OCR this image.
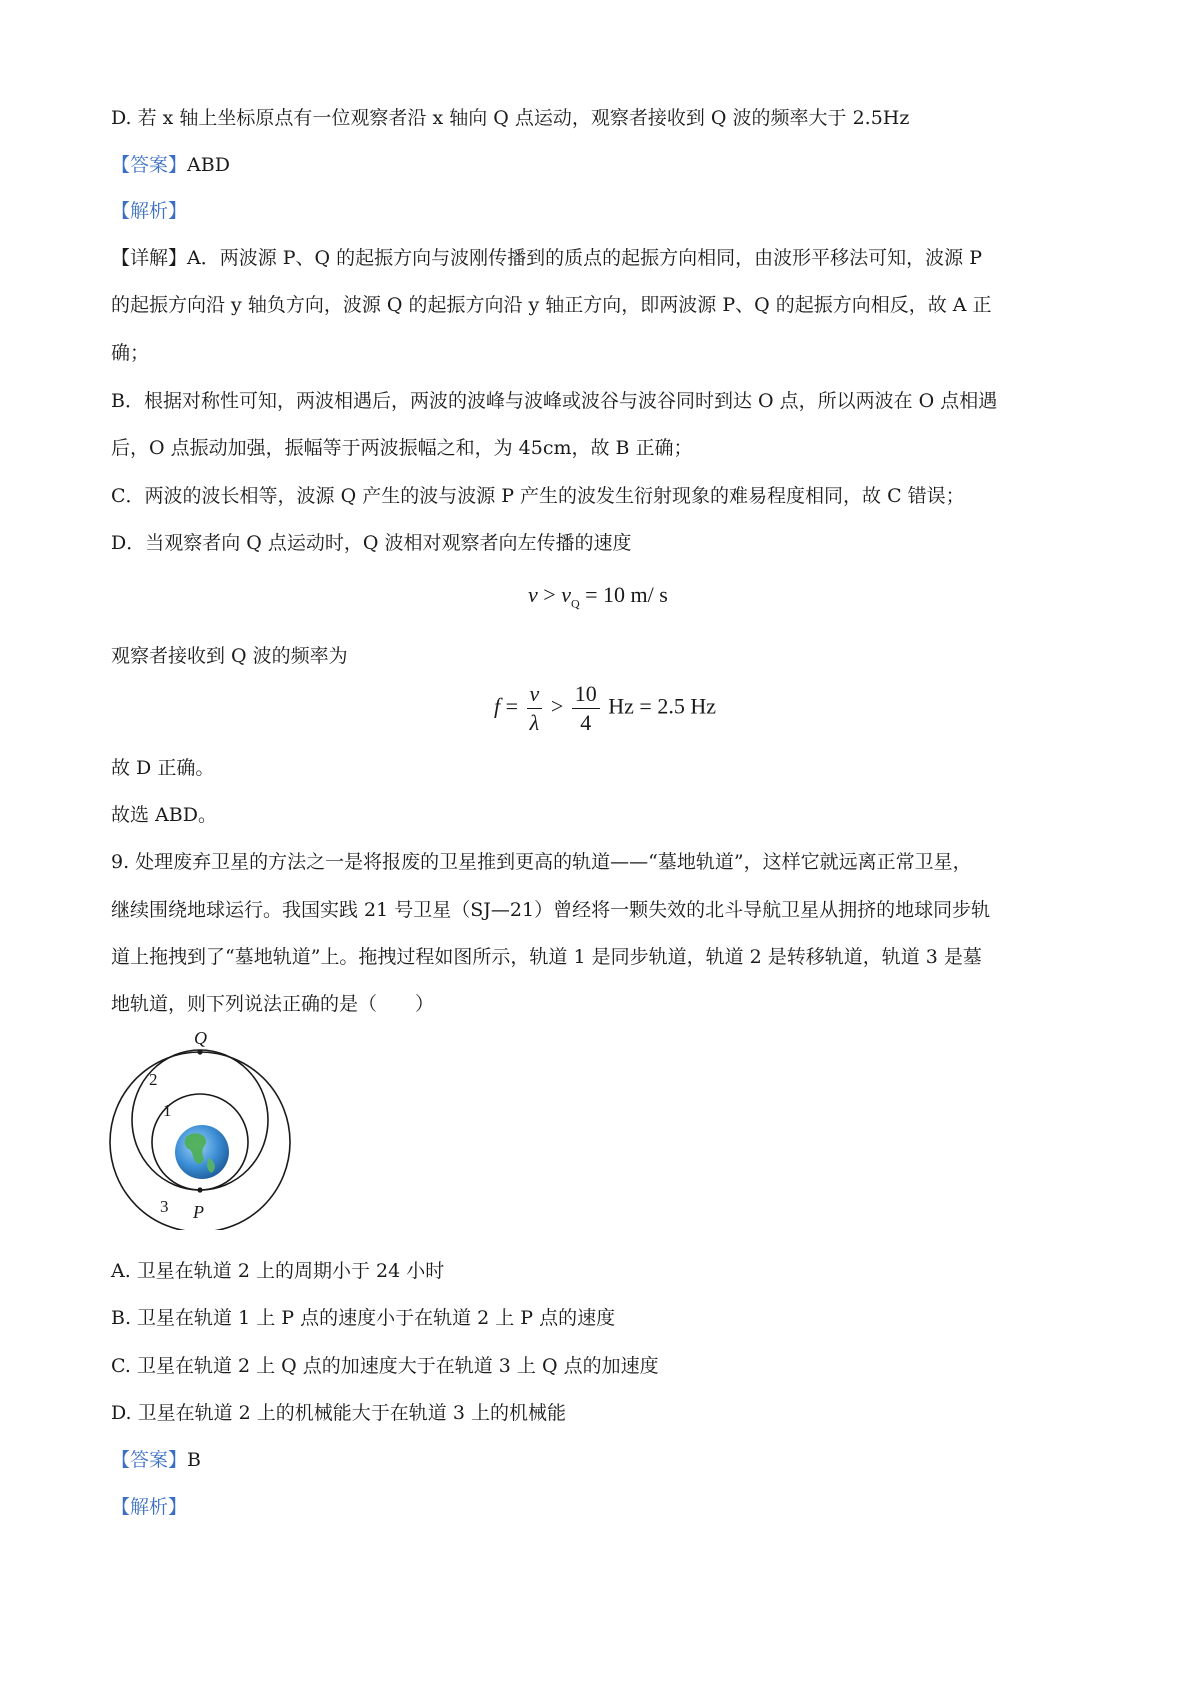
D. 若 x 轴上坐标原点有一位观察者沿 x 轴向 Q 点运动，观察者接收到 Q 波的频率大于 2.5Hz
【答案】ABD
【解析】
【详解】A．两波源 P、Q 的起振方向与波刚传播到的质点的起振方向相同，由波形平移法可知，波源 P
的起振方向沿 y 轴负方向，波源 Q 的起振方向沿 y 轴正方向，即两波源 P、Q 的起振方向相反，故 A 正
确；
B．根据对称性可知，两波相遇后，两波的波峰与波峰或波谷与波谷同时到达 O 点，所以两波在 O 点相遇
后，O 点振动加强，振幅等于两波振幅之和，为 45cm，故 B 正确；
C．两波的波长相等，波源 Q 产生的波与波源 P 产生的波发生衍射现象的难易程度相同，故 C 错误；
D．当观察者向 Q 点运动时，Q 波相对观察者向左传播的速度
$v > v_Q = 10$ m/ s
观察者接收到 Q 波的频率为
$f = \frac{v}{\lambda} > \frac{10}{4}$ Hz = 2.5 Hz
故 D 正确。
故选 ABD。
9. 处理废弃卫星的方法之一是将报废的卫星推到更高的轨道——“墓地轨道”，这样它就远离正常卫星，
继续围绕地球运行。我国实践 21 号卫星（SJ—21）曾经将一颗失效的北斗导航卫星从拥挤的地球同步轨
道上拖拽到了“墓地轨道”上。拖拽过程如图所示，轨道 1 是同步轨道，轨道 2 是转移轨道，轨道 3 是墓
地轨道，则下列说法正确的是（　　）
Q
P
1
2
3
A. 卫星在轨道 2 上的周期小于 24 小时
B. 卫星在轨道 1 上 P 点的速度小于在轨道 2 上 P 点的速度
C. 卫星在轨道 2 上 Q 点的加速度大于在轨道 3 上 Q 点的加速度
D. 卫星在轨道 2 上的机械能大于在轨道 3 上的机械能
【答案】B
【解析】
